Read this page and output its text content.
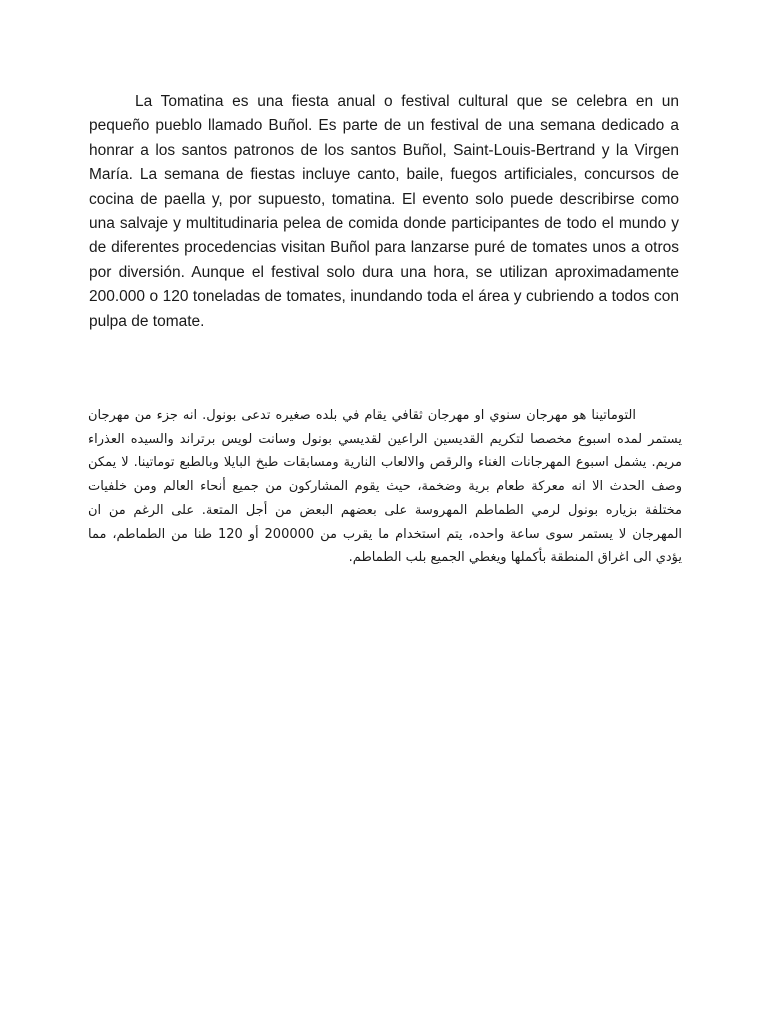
La Tomatina es una fiesta anual o festival cultural que se celebra en un pequeño pueblo llamado Buñol. Es parte de un festival de una semana dedicado a honrar a los santos patronos de los santos Buñol, Saint-Louis-Bertrand y la Virgen María. La semana de fiestas incluye canto, baile, fuegos artificiales, concursos de cocina de paella y, por supuesto, tomatina. El evento solo puede describirse como una salvaje y multitudinaria pelea de comida donde participantes de todo el mundo y de diferentes procedencias visitan Buñol para lanzarse puré de tomates unos a otros por diversión. Aunque el festival solo dura una hora, se utilizan aproximadamente 200.000 o 120 toneladas de tomates, inundando toda el área y cubriendo a todos con pulpa de tomate.

التوماتينا هو مهرجان سنوي او مهرجان ثقافي يقام في بلده صغيره تدعى بونول. انه جزء من مهرجان يستمر لمده اسبوع مخصصا لتكريم القديسين الراعين لقديسي بونول وسانت لويس برتراند والسيده العذراء مريم. يشمل اسبوع المهرجانات الغناء والرقص والالعاب النارية ومسابقات طبخ البايلا وبالطبع توماتينا. لا يمكن وصف الحدث الا انه معركة طعام برية وضخمة، حيث يقوم المشاركون من جميع أنحاء العالم ومن خلفيات مختلفة بزياره بونول لرمي الطماطم المهروسة على بعضهم البعض من أجل المتعة. على الرغم من ان المهرجان لا يستمر سوى ساعة واحده، يتم استخدام ما يقرب من 200000 أو 120 طنا من الطماطم، مما يؤدي الى اغراق المنطقة بأكملها ويغطي الجميع بلب الطماطم.
